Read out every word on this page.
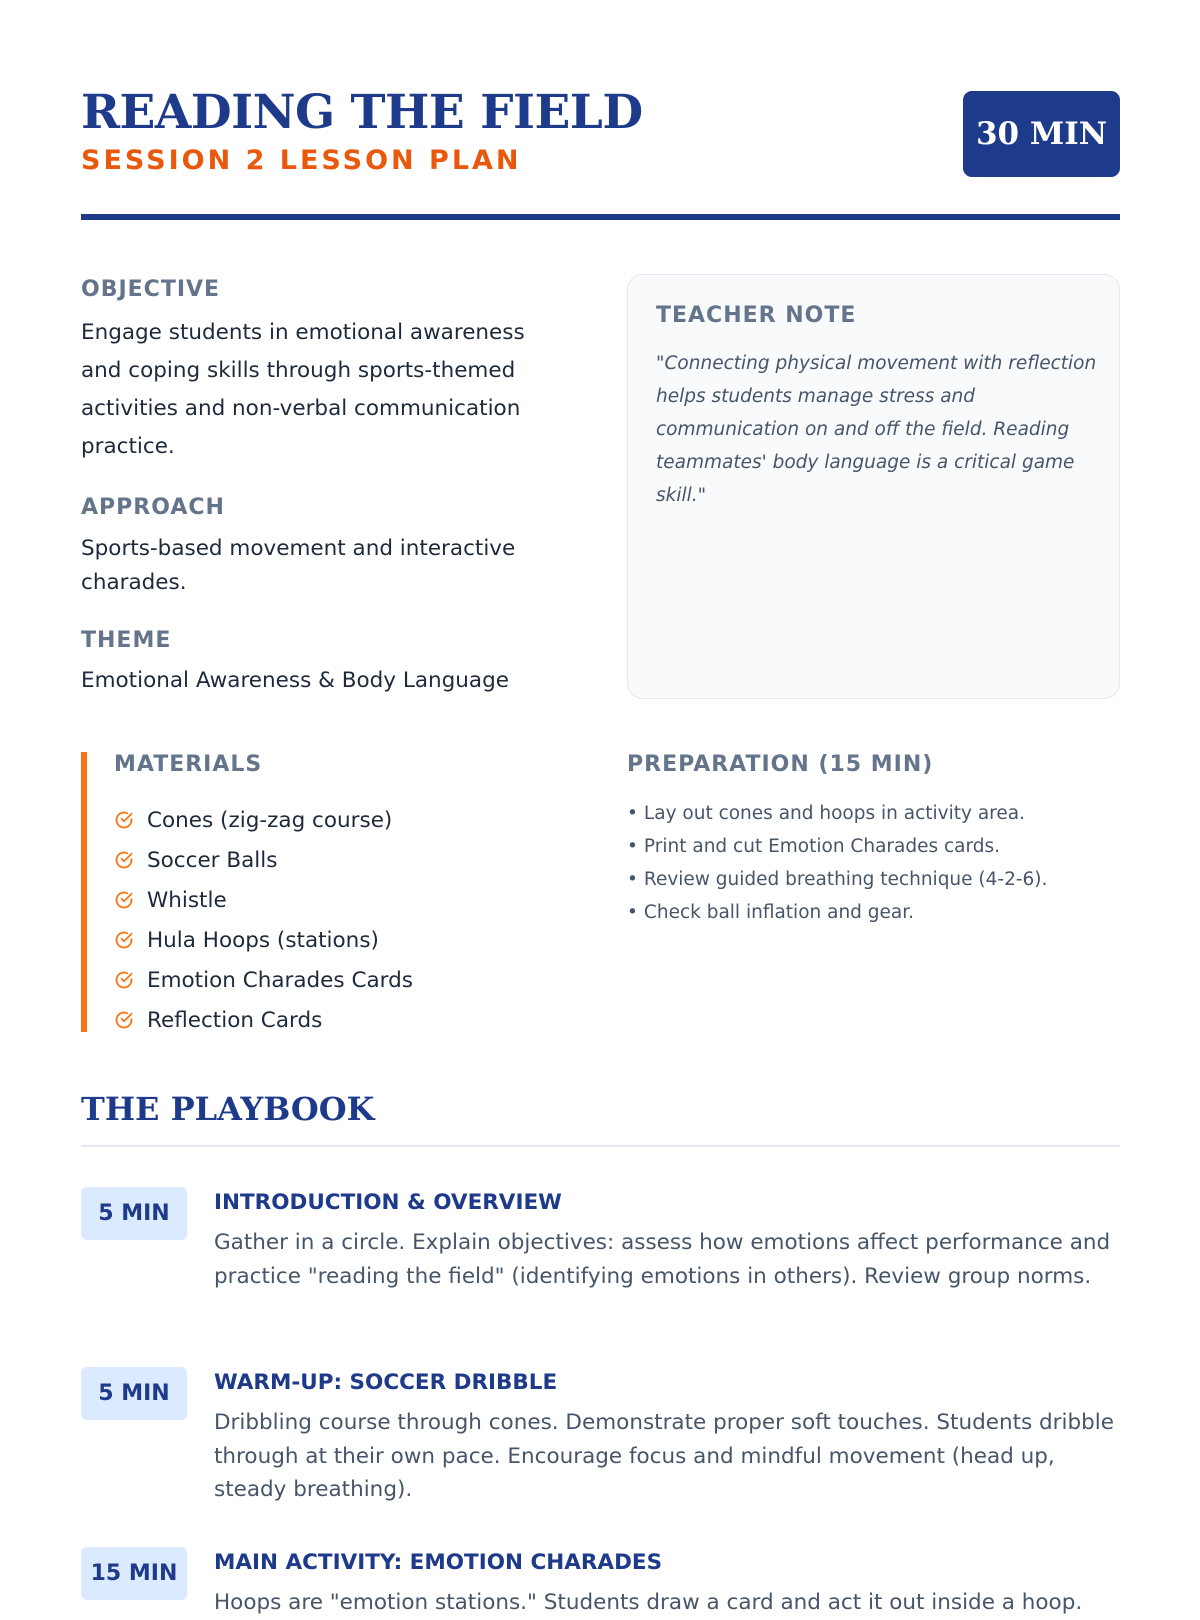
READING THE FIELD
SESSION 2 LESSON PLAN
30 MIN
OBJECTIVE
Engage students in emotional awareness and coping skills through sports-themed activities and non-verbal communication practice.
APPROACH
Sports-based movement and interactive charades.
THEME
Emotional Awareness & Body Language
TEACHER NOTE
"Connecting physical movement with reflection helps students manage stress and communication on and off the field. Reading teammates' body language is a critical game skill."
MATERIALS
Cones (zig-zag course)
Soccer Balls
Whistle
Hula Hoops (stations)
Emotion Charades Cards
Reflection Cards
PREPARATION (15 MIN)
• Lay out cones and hoops in activity area.
• Print and cut Emotion Charades cards.
• Review guided breathing technique (4-2-6).
• Check ball inflation and gear.
THE PLAYBOOK
5 MIN	INTRODUCTION & OVERVIEW
Gather in a circle. Explain objectives: assess how emotions affect performance and practice "reading the field" (identifying emotions in others). Review group norms.
5 MIN	WARM-UP: SOCCER DRIBBLE
Dribbling course through cones. Demonstrate proper soft touches. Students dribble through at their own pace. Encourage focus and mindful movement (head up, steady breathing).
15 MIN	MAIN ACTIVITY: EMOTION CHARADES
Hoops are "emotion stations." Students draw a card and act it out inside a hoop.
